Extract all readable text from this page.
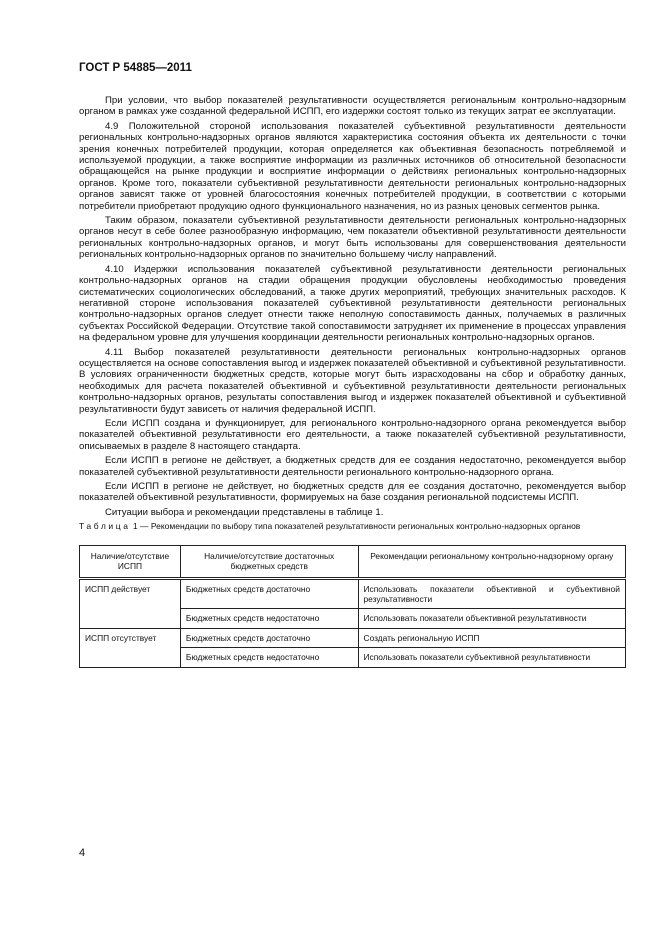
ГОСТ Р 54885—2011

При условии, что выбор показателей результативности осуществляется региональным контрольно-надзорным органом в рамках уже созданной федеральной ИСПП, его издержки состоят только из текущих затрат ее эксплуатации.

4.9 Положительной стороной использования показателей субъективной результативности деятельности региональных контрольно-надзорных органов являются характеристика состояния объекта их деятельности с точки зрения конечных потребителей продукции, которая определяется как объективная безопасность потребляемой и используемой продукции, а также восприятие информации из различных источников об относительной безопасности обращающейся на рынке продукции и восприятие информации о действиях региональных контрольно-надзорных органов. Кроме того, показатели субъективной результативности деятельности региональных контрольно-надзорных органов зависят также от уровней благосостояния конечных потребителей продукции, в соответствии с которыми потребители приобретают продукцию одного функционального назначения, но из разных ценовых сегментов рынка.

Таким образом, показатели субъективной результативности деятельности региональных контрольно-надзорных органов несут в себе более разнообразную информацию, чем показатели объективной результативности деятельности региональных контрольно-надзорных органов, и могут быть использованы для совершенствования деятельности региональных контрольно-надзорных органов по значительно большему числу направлений.

4.10 Издержки использования показателей субъективной результативности деятельности региональных контрольно-надзорных органов на стадии обращения продукции обусловлены необходимостью проведения систематических социологических обследований, а также других мероприятий, требующих значительных расходов. К негативной стороне использования показателей субъективной результативности деятельности региональных контрольно-надзорных органов следует отнести также неполную сопоставимость данных, получаемых в различных субъектах Российской Федерации. Отсутствие такой сопоставимости затрудняет их применение в процессах управления на федеральном уровне для улучшения координации деятельности региональных контрольно-надзорных органов.

4.11 Выбор показателей результативности деятельности региональных контрольно-надзорных органов осуществляется на основе сопоставления выгод и издержек показателей объективной и субъективной результативности. В условиях ограниченности бюджетных средств, которые могут быть израсходованы на сбор и обработку данных, необходимых для расчета показателей объективной и субъективной результативности деятельности региональных контрольно-надзорных органов, результаты сопоставления выгод и издержек показателей объективной и субъективной результативности будут зависеть от наличия федеральной ИСПП.

Если ИСПП создана и функционирует, для регионального контрольно-надзорного органа рекомендуется выбор показателей объективной результативности его деятельности, а также показателей субъективной результативности, описываемых в разделе 8 настоящего стандарта.

Если ИСПП в регионе не действует, а бюджетных средств для ее создания недостаточно, рекомендуется выбор показателей субъективной результативности деятельности регионального контрольно-надзорного органа.

Если ИСПП в регионе не действует, но бюджетных средств для ее создания достаточно, рекомендуется выбор показателей объективной результативности, формируемых на базе создания региональной подсистемы ИСПП.

Ситуации выбора и рекомендации представлены в таблице 1.

Таблица 1 — Рекомендации по выбору типа показателей результативности региональных контрольно-надзорных органов

Наличие/отсутствие ИСПП	Наличие/отсутствие достаточных бюджетных средств	Рекомендации региональному контрольно-надзорному органу
ИСПП действует	Бюджетных средств достаточно	Использовать показатели объективной и субъективной результативности
	Бюджетных средств недостаточно	Использовать показатели объективной результативности
ИСПП отсутствует	Бюджетных средств достаточно	Создать региональную ИСПП
	Бюджетных средств недостаточно	Использовать показатели субъективной результативности
4
